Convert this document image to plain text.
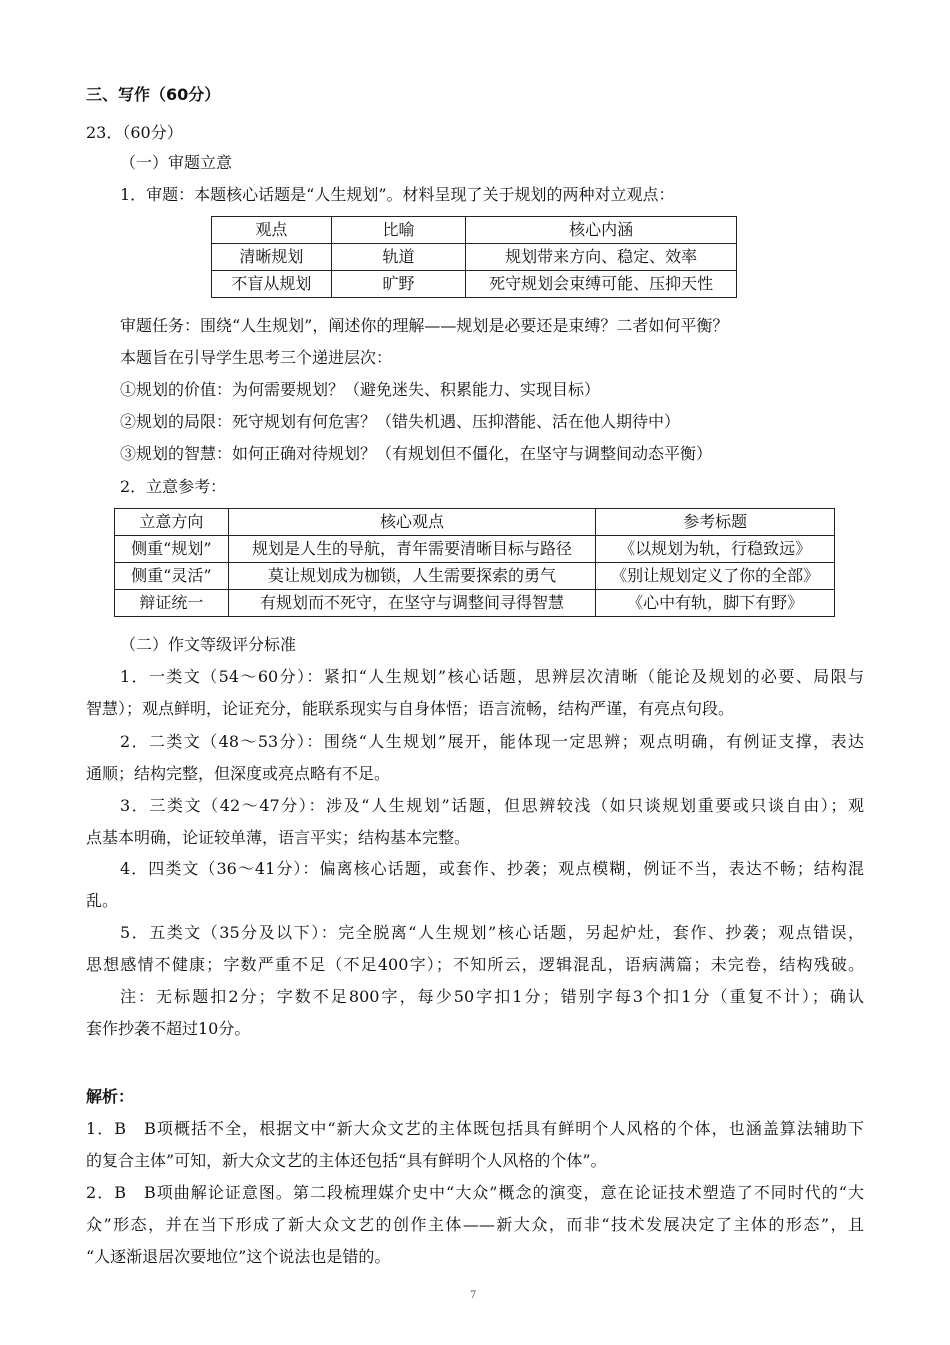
三、写作（60分）
23．（60分）
（一）审题立意
1．审题：本题核心话题是“人生规划”。材料呈现了关于规划的两种对立观点：
观点	比喻	核心内涵
清晰规划	轨道	规划带来方向、稳定、效率
不盲从规划	旷野	死守规划会束缚可能、压抑天性
审题任务：围绕“人生规划”，阐述你的理解——规划是必要还是束缚？二者如何平衡？
本题旨在引导学生思考三个递进层次：
①规划的价值：为何需要规划？（避免迷失、积累能力、实现目标）
②规划的局限：死守规划有何危害？（错失机遇、压抑潜能、活在他人期待中）
③规划的智慧：如何正确对待规划？（有规划但不僵化，在坚守与调整间动态平衡）
2．立意参考：
立意方向	核心观点	参考标题
侧重“规划”	规划是人生的导航，青年需要清晰目标与路径	《以规划为轨，行稳致远》
侧重“灵活”	莫让规划成为枷锁，人生需要探索的勇气	《别让规划定义了你的全部》
辩证统一	有规划而不死守，在坚守与调整间寻得智慧	《心中有轨，脚下有野》
（二）作文等级评分标准
1．一类文（54～60分）：紧扣“人生规划”核心话题，思辨层次清晰（能论及规划的必要、局限与
智慧）；观点鲜明，论证充分，能联系现实与自身体悟；语言流畅，结构严谨，有亮点句段。
2．二类文（48～53分）：围绕“人生规划”展开，能体现一定思辨；观点明确，有例证支撑，表达
通顺；结构完整，但深度或亮点略有不足。
3．三类文（42～47分）：涉及“人生规划”话题，但思辨较浅（如只谈规划重要或只谈自由）；观
点基本明确，论证较单薄，语言平实；结构基本完整。
4．四类文（36～41分）：偏离核心话题，或套作、抄袭；观点模糊，例证不当，表达不畅；结构混
乱。
5．五类文（35分及以下）：完全脱离“人生规划”核心话题，另起炉灶，套作、抄袭；观点错误，
思想感情不健康；字数严重不足（不足400字）；不知所云，逻辑混乱，语病满篇；未完卷，结构残破。
注：无标题扣2分；字数不足800字，每少50字扣1分；错别字每3个扣1分（重复不计）；确认
套作抄袭不超过10分。
解析：
1．B　B项概括不全，根据文中“新大众文艺的主体既包括具有鲜明个人风格的个体，也涵盖算法辅助下
的复合主体”可知，新大众文艺的主体还包括“具有鲜明个人风格的个体”。
2．B　B项曲解论证意图。第二段梳理媒介史中“大众”概念的演变，意在论证技术塑造了不同时代的“大
众”形态，并在当下形成了新大众文艺的创作主体——新大众，而非“技术发展决定了主体的形态”，且
“人逐渐退居次要地位”这个说法也是错的。
7
